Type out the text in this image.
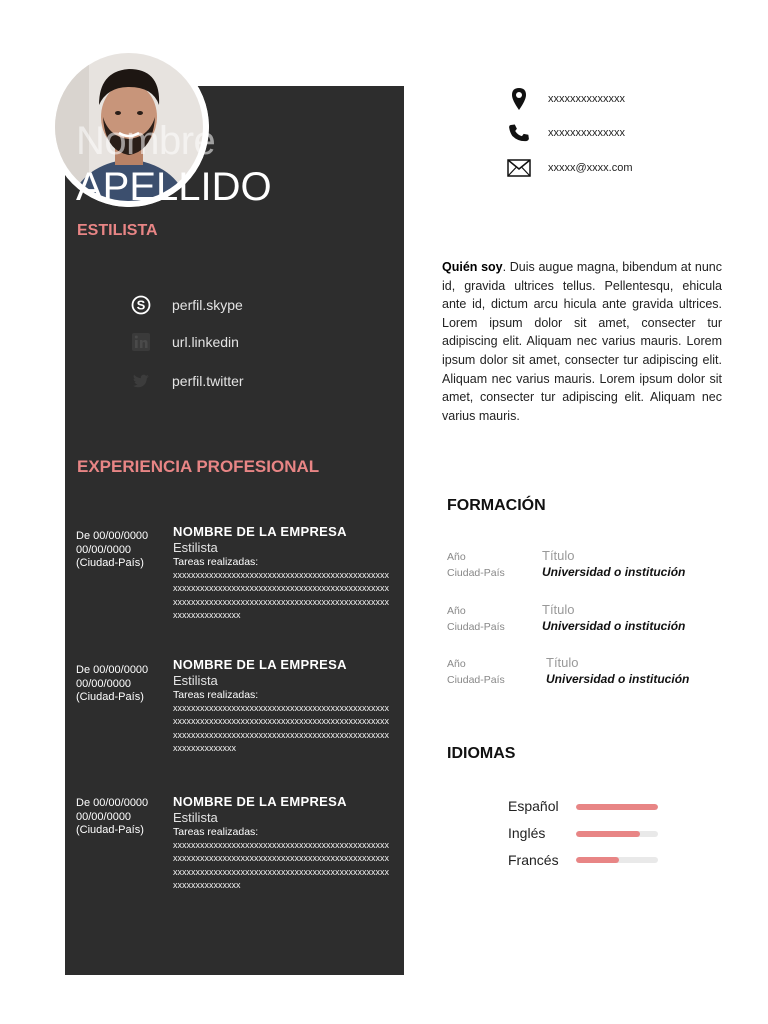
Nombre
APELLIDO
ESTILISTA
S perfil.skype
url.linkedin
perfil.twitter
EXPERIENCIA PROFESIONAL
De 00/00/0000
00/00/0000
(Ciudad-País)
NOMBRE DE LA EMPRESA
Estilista
Tareas realizadas:
xxxxxxxxxxxxxxxxxxxxxxxxxxxxxxxxxxxxxxxxxxxxxxxxxxxxxxxxxxxxxxxxxxxxxxxxxxxxxxxxxxxxxxxxxxxxxxxxxxxxxxxxxxxxxxxxxxxxxxxxxxxxxxxxxxxxxxxxxxxxxxxxxxxxxxxxxxxxxxx
De 00/00/0000
00/00/0000
(Ciudad-País)
NOMBRE DE LA EMPRESA
Estilista
Tareas realizadas:
xxxxxxxxxxxxxxxxxxxxxxxxxxxxxxxxxxxxxxxxxxxxxxxxxxxxxxxxxxxxxxxxxxxxxxxxxxxxxxxxxxxxxxxxxxxxxxxxxxxxxxxxxxxxxxxxxxxxxxxxxxxxxxxxxxxxxxxxxxxxxxxxxxxxxxxxxxxxxx
De 00/00/0000
00/00/0000
(Ciudad-País)
NOMBRE DE LA EMPRESA
Estilista
Tareas realizadas:
xxxxxxxxxxxxxxxxxxxxxxxxxxxxxxxxxxxxxxxxxxxxxxxxxxxxxxxxxxxxxxxxxxxxxxxxxxxxxxxxxxxxxxxxxxxxxxxxxxxxxxxxxxxxxxxxxxxxxxxxxxxxxxxxxxxxxxxxxxxxxxxxxxxxxxxxxxxxxxx
xxxxxxxxxxxxxx
xxxxxxxxxxxxxx
xxxxx@xxxx.com
Quién soy. Duis augue magna, bibendum at nunc id, gravida ultrices tellus. Pellentesqu, ehicula ante id, dictum arcu hicula ante gravida ultrices. Lorem ipsum dolor sit amet, consecter tur adipiscing elit. Aliquam nec varius mauris. Lorem ipsum dolor sit amet, consecter tur adipiscing elit. Aliquam nec varius mauris. Lorem ipsum dolor sit amet, consecter tur adipiscing elit. Aliquam nec varius mauris.
FORMACIÓN
Año
Ciudad-País
Título
Universidad o institución
Año
Ciudad-País
Título
Universidad o institución
Año
Ciudad-País
Título
Universidad o institución
IDIOMAS
Español
Inglés
Francés
